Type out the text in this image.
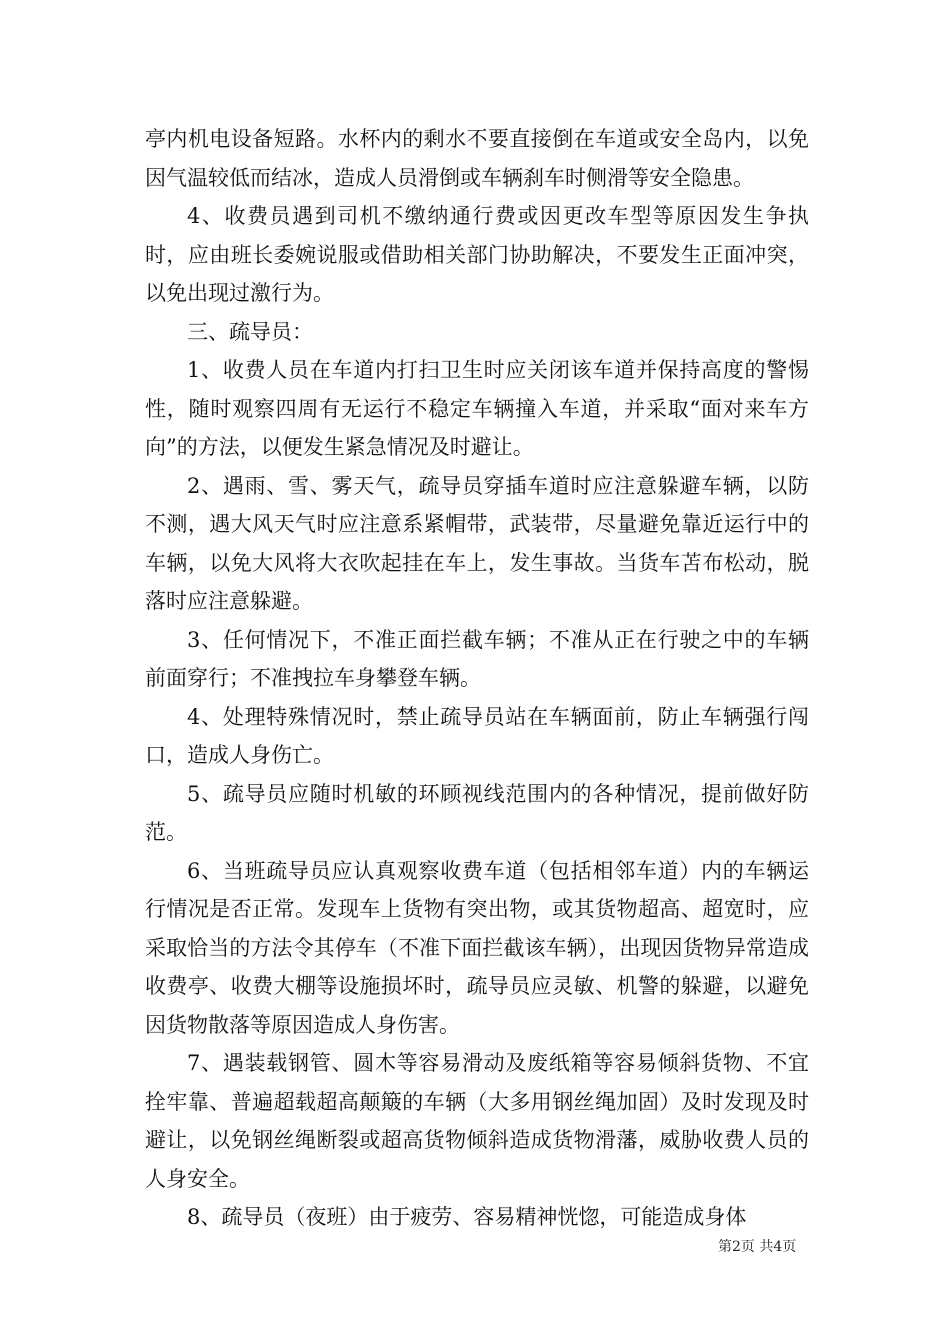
亭内机电设备短路。水杯内的剩水不要直接倒在车道或安全岛内，以免因气温较低而结冰，造成人员滑倒或车辆刹车时侧滑等安全隐患。

4、收费员遇到司机不缴纳通行费或因更改车型等原因发生争执时，应由班长委婉说服或借助相关部门协助解决，不要发生正面冲突，以免出现过激行为。

三、疏导员：

1、收费人员在车道内打扫卫生时应关闭该车道并保持高度的警惕性，随时观察四周有无运行不稳定车辆撞入车道，并采取“面对来车方向”的方法，以便发生紧急情况及时避让。

2、遇雨、雪、雾天气，疏导员穿插车道时应注意躲避车辆，以防不测，遇大风天气时应注意系紧帽带，武装带，尽量避免靠近运行中的车辆，以免大风将大衣吹起挂在车上，发生事故。当货车苫布松动，脱落时应注意躲避。

3、任何情况下，不准正面拦截车辆；不准从正在行驶之中的车辆前面穿行；不准拽拉车身攀登车辆。

4、处理特殊情况时，禁止疏导员站在车辆面前，防止车辆强行闯口，造成人身伤亡。

5、疏导员应随时机敏的环顾视线范围内的各种情况，提前做好防范。

6、当班疏导员应认真观察收费车道（包括相邻车道）内的车辆运行情况是否正常。发现车上货物有突出物，或其货物超高、超宽时，应采取恰当的方法令其停车（不准下面拦截该车辆），出现因货物异常造成收费亭、收费大棚等设施损坏时，疏导员应灵敏、机警的躲避，以避免因货物散落等原因造成人身伤害。

7、遇装载钢管、圆木等容易滑动及废纸箱等容易倾斜货物、不宜拴牢靠、普遍超载超高颠簸的车辆（大多用钢丝绳加固）及时发现及时避让，以免钢丝绳断裂或超高货物倾斜造成货物滑藩，威胁收费人员的人身安全。

8、疏导员（夜班）由于疲劳、容易精神恍惚，可能造成身体

第2页 共4页
